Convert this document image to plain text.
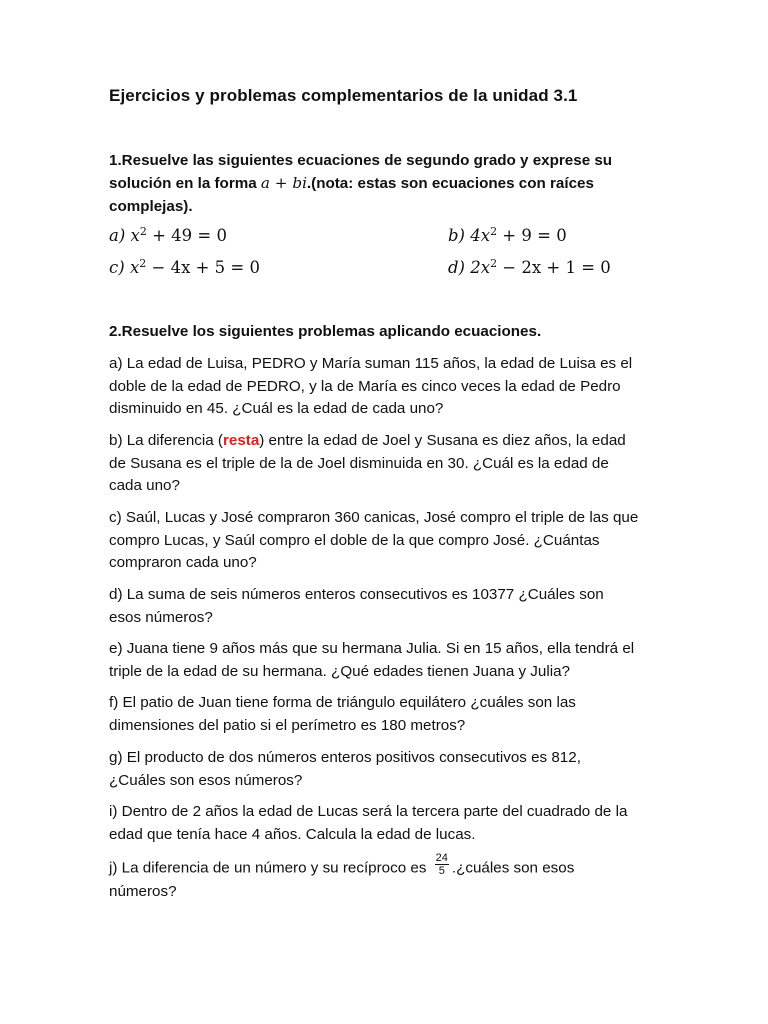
Ejercicios y problemas complementarios de la unidad 3.1
1.Resuelve las siguientes ecuaciones de segundo grado y exprese su solución en la forma a + bi.(nota: estas son ecuaciones con raíces complejas).
a) $x^2 + 49 = 0$	b) $4x^2 + 9 = 0$
c) $x^2 - 4x + 5 = 0$	d) $2x^2 - 2x + 1 = 0$
2.Resuelve los siguientes problemas aplicando ecuaciones.
a) La edad de Luisa, PEDRO y María suman 115 años, la edad de Luisa es el doble de la edad de PEDRO, y la de María es cinco veces la edad de Pedro disminuido en 45. ¿Cuál es la edad de cada uno?
b) La diferencia (resta) entre la edad de Joel y Susana es diez años, la edad de Susana es el triple de la de Joel disminuida en 30. ¿Cuál es la edad de cada uno?
c) Saúl, Lucas y José compraron 360 canicas, José compro el triple de las que compro Lucas, y Saúl compro el doble de la que compro José. ¿Cuántas compraron cada uno?
d) La suma de seis números enteros consecutivos es 10377 ¿Cuáles son esos números?
e) Juana tiene 9 años más que su hermana Julia. Si en 15 años, ella tendrá el triple de la edad de su hermana. ¿Qué edades tienen Juana y Julia?
f) El patio de Juan tiene forma de triángulo equilátero ¿cuáles son las dimensiones del patio si el perímetro es 180 metros?
g) El producto de dos números enteros positivos consecutivos es 812, ¿Cuáles son esos números?
i) Dentro de 2 años la edad de Lucas será la tercera parte del cuadrado de la edad que tenía hace 4 años. Calcula la edad de lucas.
j) La diferencia de un número y su recíproco es $\frac{24}{5}$ .¿cuáles son esos números?
